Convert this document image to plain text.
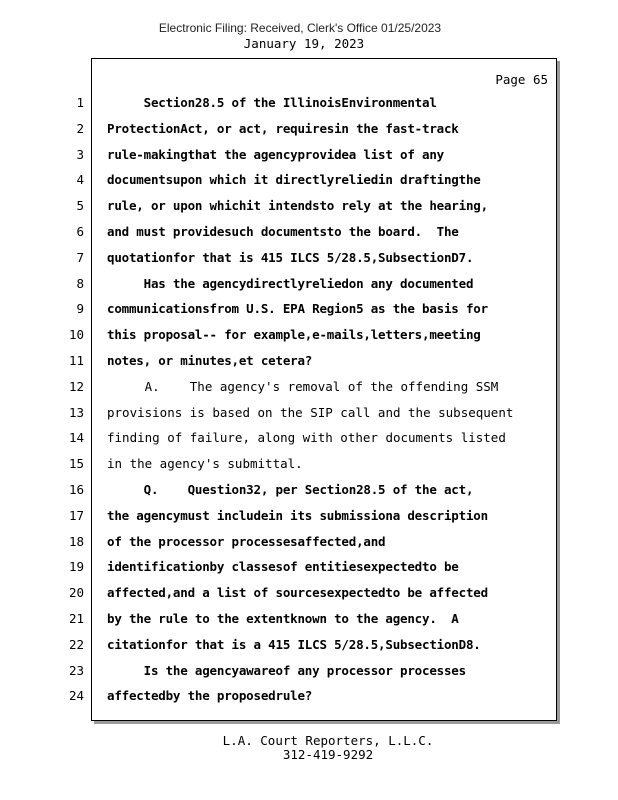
Electronic Filing: Received, Clerk's Office 01/25/2023
January 19, 2023
Page 65
1 Section28.5 of the IllinoisEnvironmental
2 ProtectionAct, or act, requiresin the fast-track
3 rule-makingthat the agencyprovidea list of any
4 documentsupon which it directlyreliedin draftingthe
5 rule, or upon whichit intendsto rely at the hearing,
6 and must providesuch documentsto the board.  The
7 quotationfor that is 415 ILCS 5/28.5,SubsectionD7.
8 Has the agencydirectlyreliedon any documented
9 communicationsfrom U.S. EPA Region5 as the basis for
10 this proposal-- for example,e-mails,letters,meeting
11 notes, or minutes,et cetera?
12 A.    The agency's removal of the offending SSM
13 provisions is based on the SIP call and the subsequent
14 finding of failure, along with other documents listed
15 in the agency's submittal.
16 Q.    Question32, per Section28.5 of the act,
17 the agencymust includein its submissiona description
18 of the processor processesaffected,and
19 identificationby classesof entitiesexpectedto be
20 affected,and a list of sourcesexpectedto be affected
21 by the rule to the extentknown to the agency.  A
22 citationfor that is a 415 ILCS 5/28.5,SubsectionD8.
23 Is the agencyawareof any processor processes
24 affectedby the proposedrule?
L.A. Court Reporters, L.L.C.
312-419-9292
